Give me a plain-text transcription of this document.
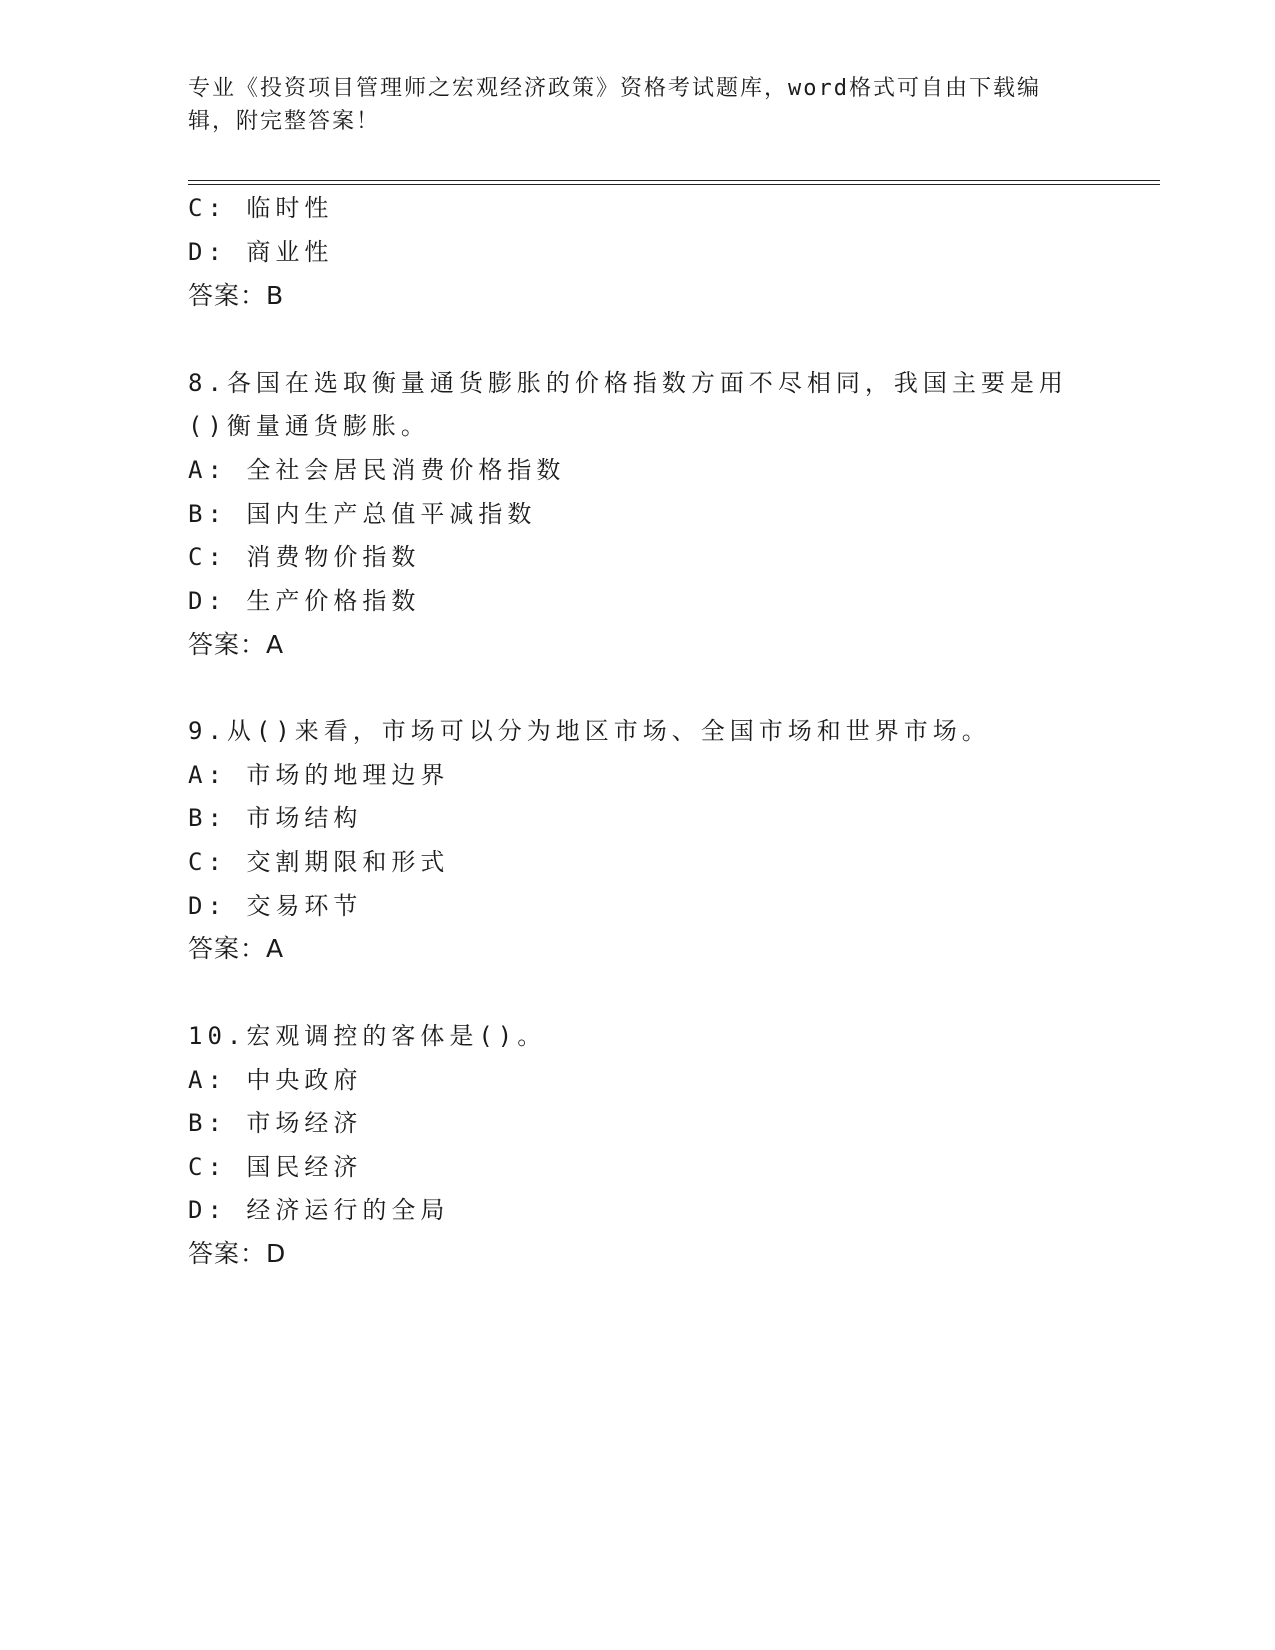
专业《投资项目管理师之宏观经济政策》资格考试题库，word格式可自由下载编
辑，附完整答案！
C: 临时性
D: 商业性
答案：B
8.各国在选取衡量通货膨胀的价格指数方面不尽相同，我国主要是用
()衡量通货膨胀。
A: 全社会居民消费价格指数
B: 国内生产总值平减指数
C: 消费物价指数
D: 生产价格指数
答案：A
9.从()来看，市场可以分为地区市场、全国市场和世界市场。
A: 市场的地理边界
B: 市场结构
C: 交割期限和形式
D: 交易环节
答案：A
10.宏观调控的客体是()。
A: 中央政府
B: 市场经济
C: 国民经济
D: 经济运行的全局
答案：D
